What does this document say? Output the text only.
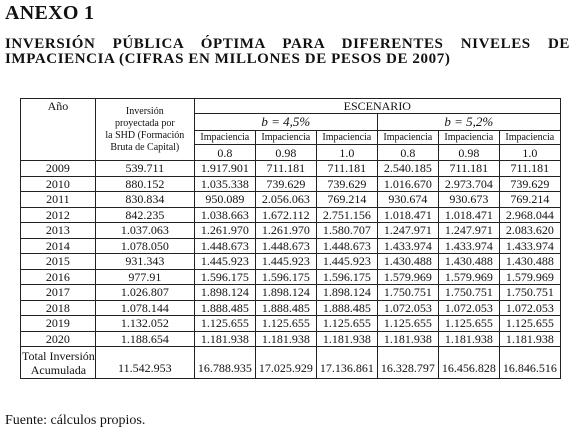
ANEXO 1
INVERSIÓN PÚBLICA ÓPTIMA PARA DIFERENTES NIVELES DE IMPACIENCIA (CIFRAS EN MILLONES DE PESOS DE 2007)
Año	Inversión
proyectada por
la SHD (Formación
Bruta de Capital)	ESCENARIO					
		b = 4,5%			b = 5,2%		
		Impaciencia	Impaciencia	Impaciencia	Impaciencia	Impaciencia	Impaciencia
		0.8	0.98	1.0	0.8	0.98	1.0
2009	539.711	1.917.901	711.181	711.181	2.540.185	711.181	711.181
2010	880.152	1.035.338	739.629	739.629	1.016.670	2.973.704	739.629
2011	830.834	950.089	2.056.063	769.214	930.674	930.673	769.214
2012	842.235	1.038.663	1.672.112	2.751.156	1.018.471	1.018.471	2.968.044
2013	1.037.063	1.261.970	1.261.970	1.580.707	1.247.971	1.247.971	2.083.620
2014	1.078.050	1.448.673	1.448.673	1.448.673	1.433.974	1.433.974	1.433.974
2015	931.343	1.445.923	1.445.923	1.445.923	1.430.488	1.430.488	1.430.488
2016	977.91	1.596.175	1.596.175	1.596.175	1.579.969	1.579.969	1.579.969
2017	1.026.807	1.898.124	1.898.124	1.898.124	1.750.751	1.750.751	1.750.751
2018	1.078.144	1.888.485	1.888.485	1.888.485	1.072.053	1.072.053	1.072.053
2019	1.132.052	1.125.655	1.125.655	1.125.655	1.125.655	1.125.655	1.125.655
2020	1.188.654	1.181.938	1.181.938	1.181.938	1.181.938	1.181.938	1.181.938

Total Inversión
Acumulada	11.542.953	16.788.935	17.025.929	17.136.861	16.328.797	16.456.828	16.846.516
Fuente: cálculos propios.
